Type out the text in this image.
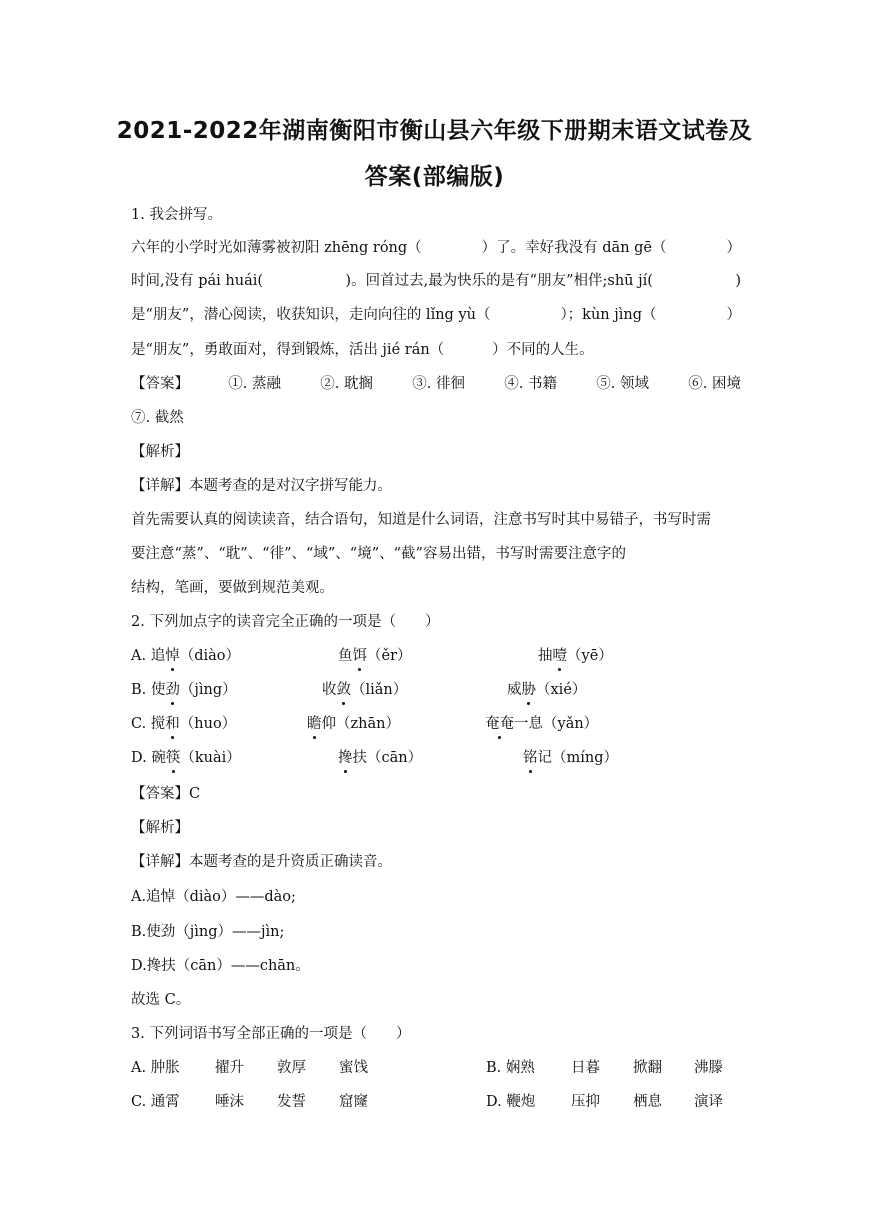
2021-2022年湖南衡阳市衡山县六年级下册期末语文试卷及
答案(部编版)
1. 我会拼写。
六年的小学时光如薄雾被初阳 zhēng róng（	）了。幸好我没有 dān gē（	）
时间,没有 pái huái(	)。回首过去,最为快乐的是有“朋友”相伴;shū jí(	)
是“朋友”，潜心阅读，收获知识，走向向往的 lǐng yù（	）；kùn jìng（	）
是“朋友”，勇敢面对，得到锻炼，活出 jié rán（	）不同的人生。
【答案】	①. 蒸融	②. 耽搁	③. 徘徊	④. 书籍	⑤. 领域	⑥. 困境
⑦. 截然
【解析】
【详解】本题考查的是对汉字拼写能力。
首先需要认真的阅读读音，结合语句，知道是什么词语，注意书写时其中易错子，书写时需
要注意“蒸”、“耽”、“徘”、“域”、“境”、“截”容易出错，书写时需要注意字的
结构，笔画，要做到规范美观。
2. 下列加点字的读音完全正确的一项是（　　）
A. 追悼（diào）	鱼饵（ěr）	抽噎（yē）
B. 使劲（jìng）	收敛（liǎn）	威胁（xié）
C. 搅和（huo）	瞻仰（zhān）	奄奄一息（yǎn）
D. 碗筷（kuài）	搀扶（cān）	铭记（míng）
【答案】C
【解析】
【详解】本题考查的是升资质正确读音。
A.追悼（diào）——dào;
B.使劲（jìng）——jìn;
D.搀扶（cān）——chān。
故选 C。
3. 下列词语书写全部正确的一项是（　　）
A. 肿胀 擢升 敦厚 蜜饯	B. 娴熟 日暮 掀翻 沸滕
C. 通霄 唾沫 发誓 窟窿	D. 鞭炮 压抑 栖息 演译
